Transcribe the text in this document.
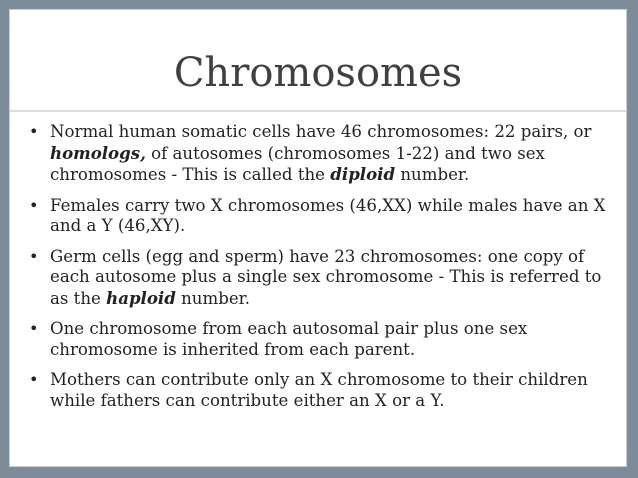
Chromosomes
• Normal human somatic cells have 46 chromosomes: 22 pairs, or homologs, of autosomes (chromosomes 1-22) and two sex chromosomes - This is called the diploid number.
• Females carry two X chromosomes (46,XX) while males have an X and a Y (46,XY).
• Germ cells (egg and sperm) have 23 chromosomes: one copy of each autosome plus a single sex chromosome - This is referred to as the haploid number.
• One chromosome from each autosomal pair plus one sex chromosome is inherited from each parent.
• Mothers can contribute only an X chromosome to their children while fathers can contribute either an X or a Y.
